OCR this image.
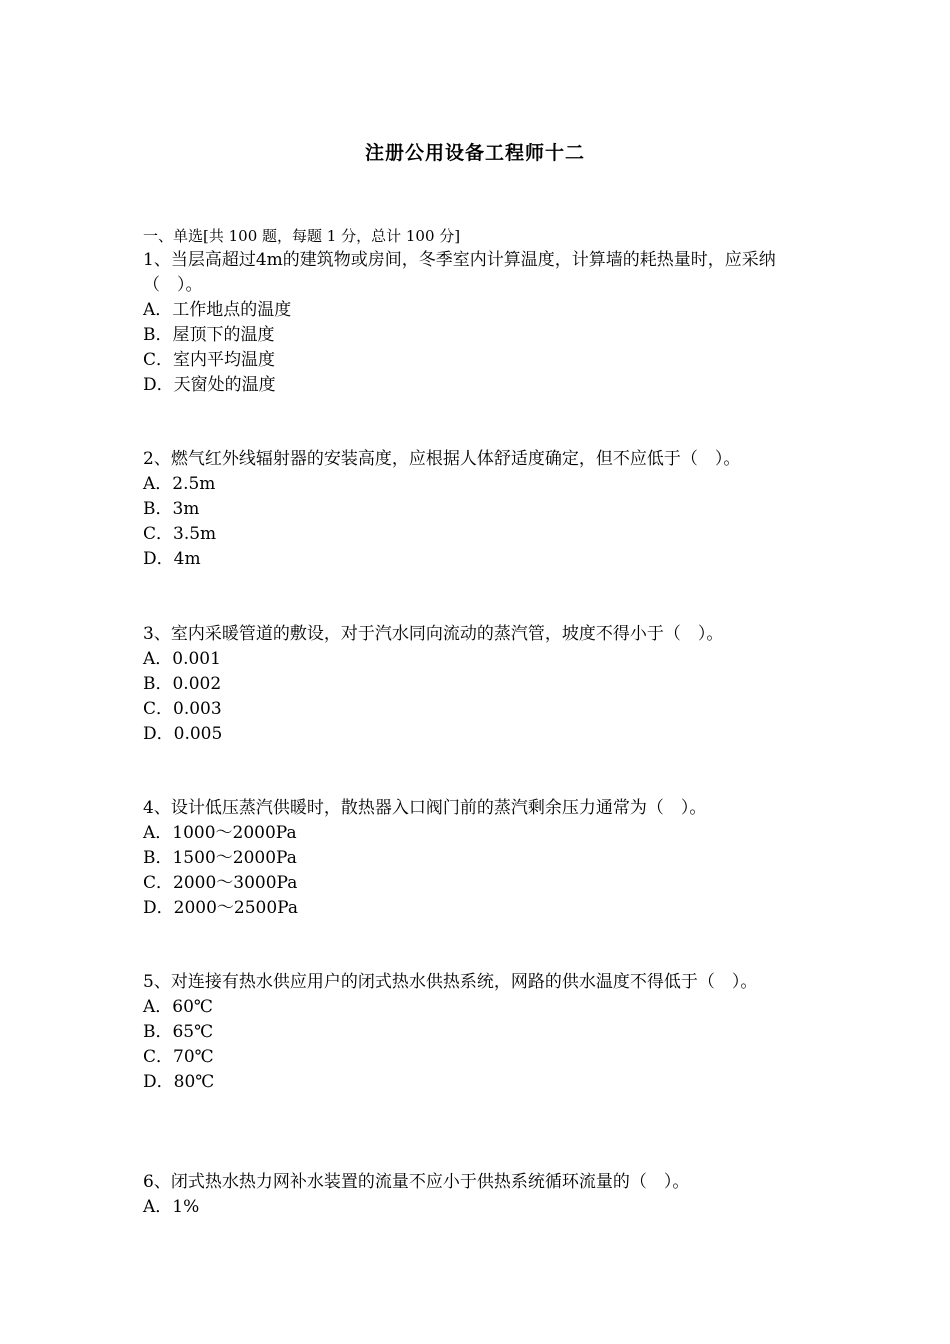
注册公用设备工程师十二
一、单选[共 100 题，每题 1 分，总计 100 分]

1、当层高超过4m的建筑物或房间，冬季室内计算温度，计算墙的耗热量时，应采纳（　）。

A．工作地点的温度

B．屋顶下的温度

C．室内平均温度

D．天窗处的温度

2、燃气红外线辐射器的安装高度，应根据人体舒适度确定，但不应低于（　）。

A．2.5m

B．3m

C．3.5m

D．4m

3、室内采暖管道的敷设，对于汽水同向流动的蒸汽管，坡度不得小于（　）。

A．0.001

B．0.002

C．0.003

D．0.005

4、设计低压蒸汽供暖时，散热器入口阀门前的蒸汽剩余压力通常为（　）。

A．1000～2000Pa

B．1500～2000Pa

C．2000～3000Pa

D．2000～2500Pa

5、对连接有热水供应用户的闭式热水供热系统，网路的供水温度不得低于（　）。

A．60℃

B．65℃

C．70℃

D．80℃

6、闭式热水热力网补水装置的流量不应小于供热系统循环流量的（　）。

A．1%
